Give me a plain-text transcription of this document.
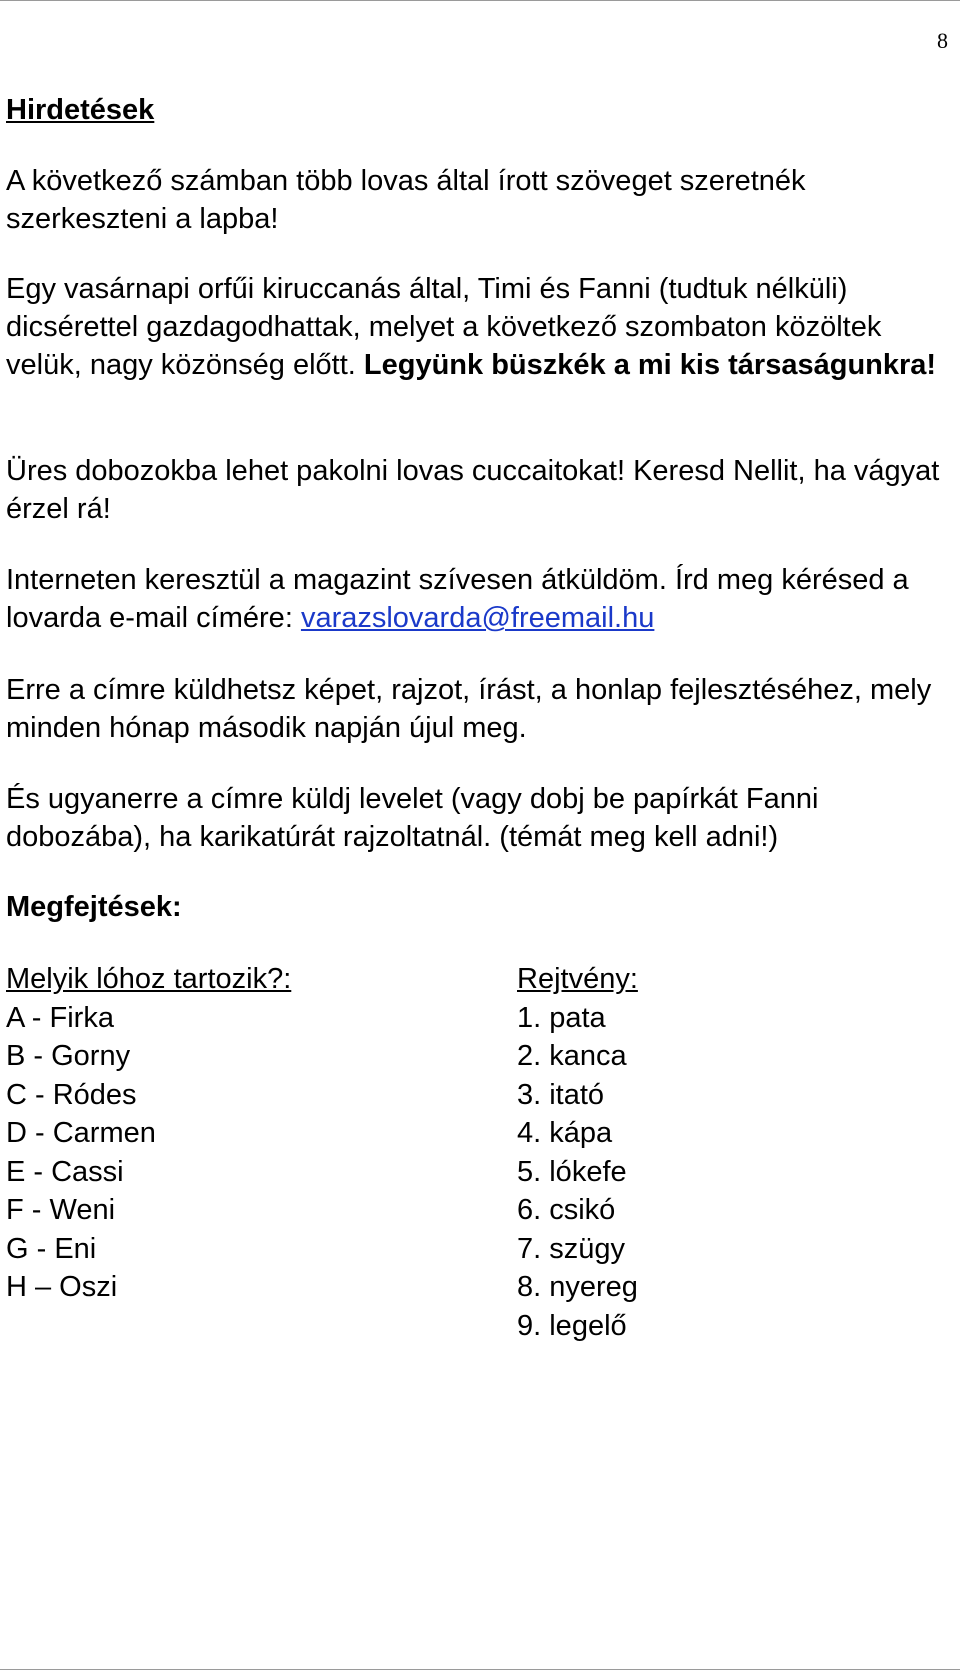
8
Hirdetések
A következő számban több lovas által írott szöveget szeretnék szerkeszteni a lapba!
Egy vasárnapi orfűi kiruccanás által, Timi és Fanni (tudtuk nélküli) dicsérettel gazdagodhattak, melyet a következő szombaton közöltek velük, nagy közönség előtt. Legyünk büszkék a mi kis társaságunkra!
Üres dobozokba lehet pakolni lovas cuccaitokat! Keresd Nellit, ha vágyat érzel rá!
Interneten keresztül a magazint szívesen átküldöm. Írd meg kérésed a lovarda e-mail címére: varazslovarda@freemail.hu
Erre a címre küldhetsz képet, rajzot, írást, a honlap fejlesztéséhez, mely minden hónap második napján újul meg.
És ugyanerre a címre küldj levelet (vagy dobj be papírkát Fanni dobozába), ha karikatúrát rajzoltatnál. (témát meg kell adni!)
Megfejtések:
Melyik lóhoz tartozik?:
A - Firka
B - Gorny
C - Ródes
D - Carmen
E - Cassi
F - Weni
G - Eni
H – Oszi
Rejtvény:
1. pata
2. kanca
3. itató
4. kápa
5. lókefe
6. csikó
7. szügy
8. nyereg
9. legelő
